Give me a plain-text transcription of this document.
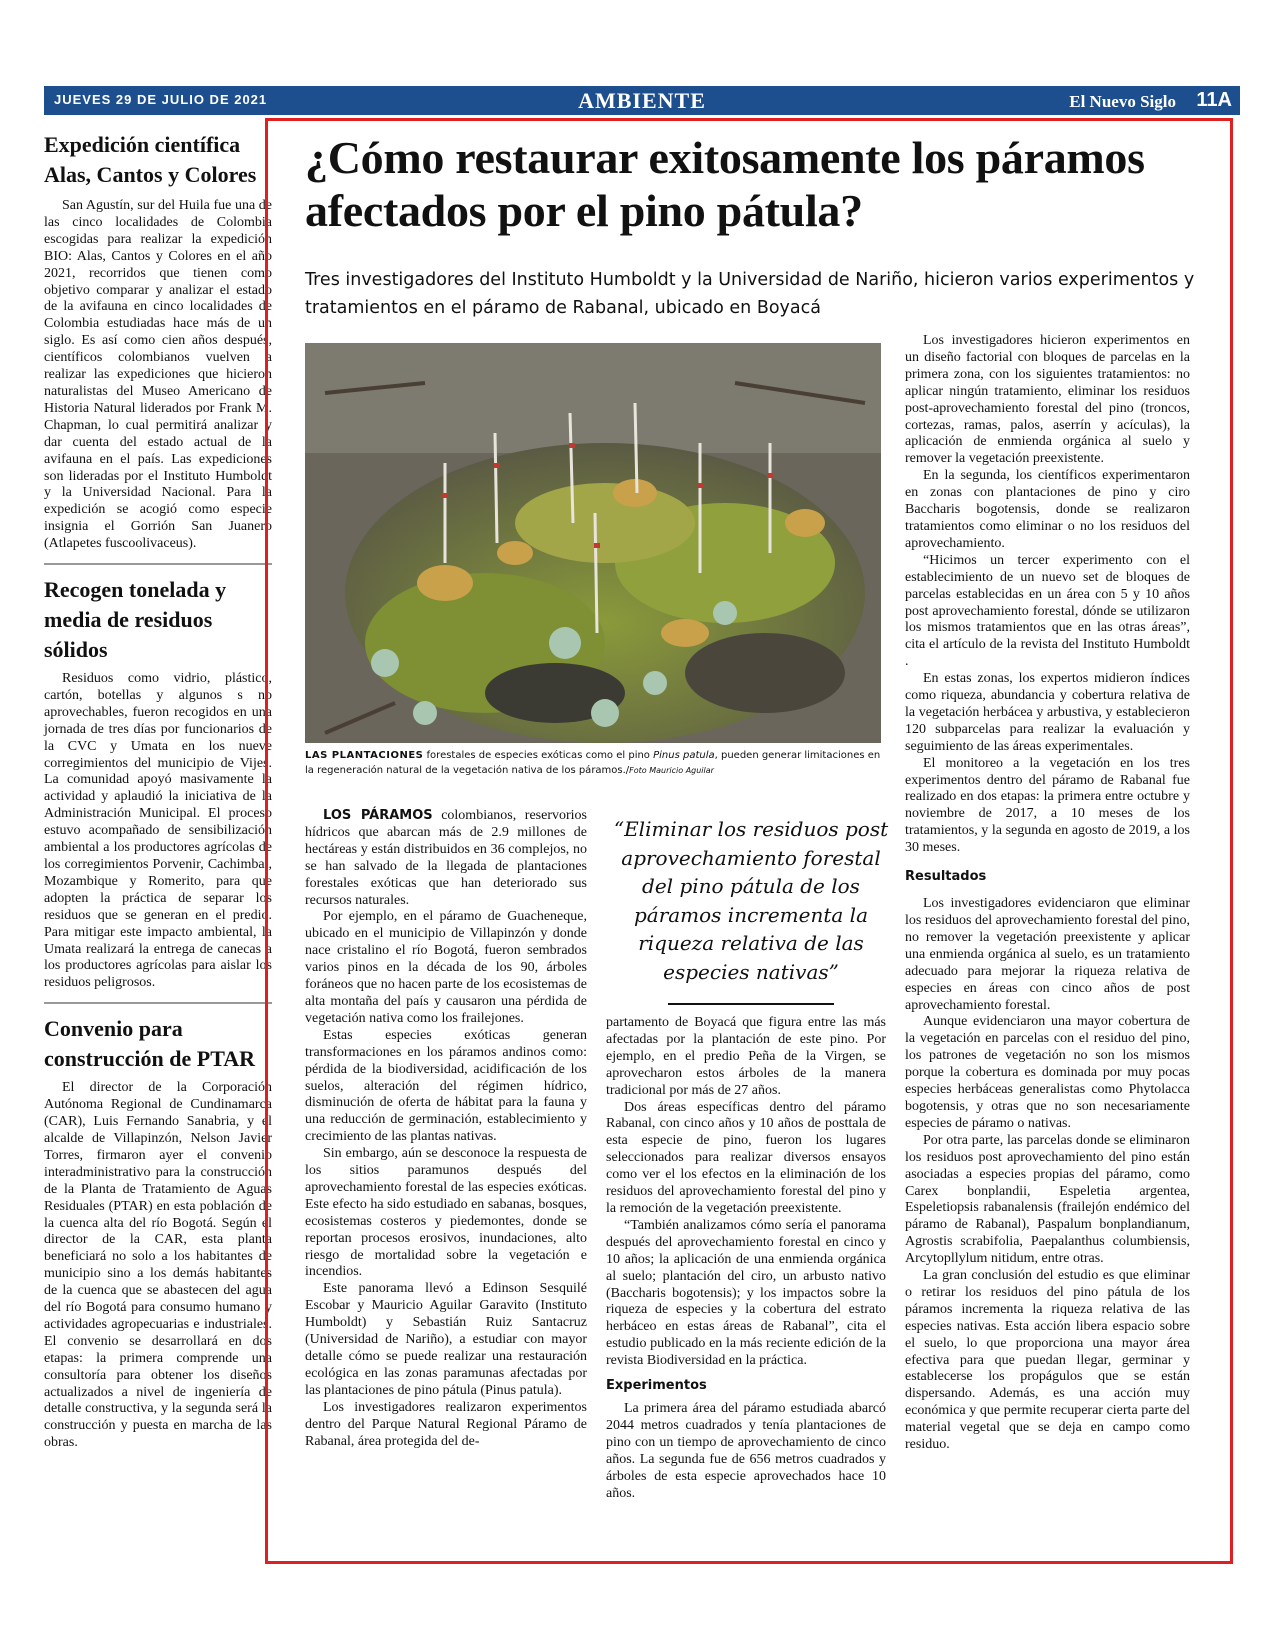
JUEVES 29 DE JULIO DE 2021	AMBIENTE	El Nuevo Siglo 11A
Expedición científica Alas, Cantos y Colores

San Agustín, sur del Huila fue una de las cinco localidades de Colombia escogidas para realizar la expedición BIO: Alas, Cantos y Colores en el año 2021, recorridos que tienen como objetivo comparar y analizar el estado de la avifauna en cinco localidades de Colombia estudiadas hace más de un siglo. Es así como cien años después, científicos colombianos vuelven a realizar las expediciones que hicieron naturalistas del Museo Americano de Historia Natural liderados por Frank M. Chapman, lo cual permitirá analizar y dar cuenta del estado actual de la avifauna en el país. Las expediciones son lideradas por el Instituto Humboldt y la Universidad Nacional. Para la expedición se acogió como especie insignia el Gorrión San Juanero (Atlapetes fuscoolivaceus).

Recogen tonelada y media de residuos sólidos

Residuos como vidrio, plástico, cartón, botellas y algunos s no aprovechables, fueron recogidos en una jornada de tres días por funcionarios de la CVC y Umata en los nueve corregimientos del municipio de Vijes. La comunidad apoyó masivamente la actividad y aplaudió la iniciativa de la Administración Municipal. El proceso estuvo acompañado de sensibilización ambiental a los productores agrícolas de los corregimientos Porvenir, Cachimbal, Mozambique y Romerito, para que adopten la práctica de separar los residuos que se generan en el predio. Para mitigar este impacto ambiental, la Umata realizará la entrega de canecas a los productores agrícolas para aislar los residuos peligrosos.

Convenio para construcción de PTAR

El director de la Corporación Autónoma Regional de Cundinamarca (CAR), Luis Fernando Sanabria, y el alcalde de Villapinzón, Nelson Javier Torres, firmaron ayer el convenio interadministrativo para la construcción de la Planta de Tratamiento de Aguas Residuales (PTAR) en esta población de la cuenca alta del río Bogotá. Según el director de la CAR, esta planta beneficiará no solo a los habitantes de municipio sino a los demás habitantes de la cuenca que se abastecen del agua del río Bogotá para consumo humano y actividades agropecuarias e industriales. El convenio se desarrollará en dos etapas: la primera comprende una consultoría para obtener los diseños actualizados a nivel de ingeniería de detalle constructiva, y la segunda será la construcción y puesta en marcha de las obras.

¿Cómo restaurar exitosamente los páramos afectados por el pino pátula?

Tres investigadores del Instituto Humboldt y la Universidad de Nariño, hicieron varios experimentos y tratamientos en el páramo de Rabanal, ubicado en Boyacá

LAS PLANTACIONES forestales de especies exóticas como el pino Pinus patula, pueden generar limitaciones en la regeneración natural de la vegetación nativa de los páramos./Foto Mauricio Aguilar

LOS PÁRAMOS colombianos, reservorios hídricos que abarcan más de 2.9 millones de hectáreas y están distribuidos en 36 complejos, no se han salvado de la llegada de plantaciones forestales exóticas que han deteriorado sus recursos naturales.

Por ejemplo, en el páramo de Guacheneque, ubicado en el municipio de Villapinzón y donde nace cristalino el río Bogotá, fueron sembrados varios pinos en la década de los 90, árboles foráneos que no hacen parte de los ecosistemas de alta montaña del país y causaron una pérdida de vegetación nativa como los frailejones.

Estas especies exóticas generan transformaciones en los páramos andinos como: pérdida de la biodiversidad, acidificación de los suelos, alteración del régimen hídrico, disminución de oferta de hábitat para la fauna y una reducción de germinación, establecimiento y crecimiento de las plantas nativas.

Sin embargo, aún se desconoce la respuesta de los sitios paramunos después del aprovechamiento forestal de las especies exóticas. Este efecto ha sido estudiado en sabanas, bosques, ecosistemas costeros y piedemontes, donde se reportan procesos erosivos, inundaciones, alto riesgo de mortalidad sobre la vegetación e incendios.

Este panorama llevó a Edinson Sesquilé Escobar y Mauricio Aguilar Garavito (Instituto Humboldt) y Sebastián Ruiz Santacruz (Universidad de Nariño), a estudiar con mayor detalle cómo se puede realizar una restauración ecológica en las zonas paramunas afectadas por las plantaciones de pino pátula (Pinus patula).

Los investigadores realizaron experimentos dentro del Parque Natural Regional Páramo de Rabanal, área protegida del de-

“Eliminar los residuos post aprovechamiento forestal del pino pátula de los páramos incrementa la riqueza relativa de las especies nativas”

partamento de Boyacá que figura entre las más afectadas por la plantación de este pino. Por ejemplo, en el predio Peña de la Virgen, se aprovecharon estos árboles de la manera tradicional por más de 27 años.

Dos áreas específicas dentro del páramo Rabanal, con cinco años y 10 años de posttala de esta especie de pino, fueron los lugares seleccionados para realizar diversos ensayos como ver el los efectos en la eliminación de los residuos del aprovechamiento forestal del pino y la remoción de la vegetación preexistente.

“También analizamos cómo sería el panorama después del aprovechamiento forestal en cinco y 10 años; la aplicación de una enmienda orgánica al suelo; plantación del ciro, un arbusto nativo (Baccharis bogotensis); y los impactos sobre la riqueza de especies y la cobertura del estrato herbáceo en estas áreas de Rabanal”, cita el estudio publicado en la más reciente edición de la revista Biodiversidad en la práctica.

Experimentos

La primera área del páramo estudiada abarcó 2044 metros cuadrados y tenía plantaciones de pino con un tiempo de aprovechamiento de cinco años. La segunda fue de 656 metros cuadrados y árboles de esta especie aprovechados hace 10 años.

Los investigadores hicieron experimentos en un diseño factorial con bloques de parcelas en la primera zona, con los siguientes tratamientos: no aplicar ningún tratamiento, eliminar los residuos post-aprovechamiento forestal del pino (troncos, cortezas, ramas, palos, aserrín y acículas), la aplicación de enmienda orgánica al suelo y remover la vegetación preexistente.

En la segunda, los científicos experimentaron en zonas con plantaciones de pino y ciro Baccharis bogotensis, donde se realizaron tratamientos como eliminar o no los residuos del aprovechamiento.

“Hicimos un tercer experimento con el establecimiento de un nuevo set de bloques de parcelas establecidas en un área con 5 y 10 años post aprovechamiento forestal, dónde se utilizaron los mismos tratamientos que en las otras áreas”, cita el artículo de la revista del Instituto Humboldt .

En estas zonas, los expertos midieron índices como riqueza, abundancia y cobertura relativa de la vegetación herbácea y arbustiva, y establecieron 120 subparcelas para realizar la evaluación y seguimiento de las áreas experimentales.

El monitoreo a la vegetación en los tres experimentos dentro del páramo de Rabanal fue realizado en dos etapas: la primera entre octubre y noviembre de 2017, a 10 meses de los tratamientos, y la segunda en agosto de 2019, a los 30 meses.

Resultados

Los investigadores evidenciaron que eliminar los residuos del aprovechamiento forestal del pino, no remover la vegetación preexistente y aplicar una enmienda orgánica al suelo, es un tratamiento adecuado para mejorar la riqueza relativa de especies en áreas con cinco años de post aprovechamiento forestal.

Aunque evidenciaron una mayor cobertura de la vegetación en parcelas con el residuo del pino, los patrones de vegetación no son los mismos porque la cobertura es dominada por muy pocas especies herbáceas generalistas como Phytolacca bogotensis, y otras que no son necesariamente especies de páramo o nativas.

Por otra parte, las parcelas donde se eliminaron los residuos post aprovechamiento del pino están asociadas a especies propias del páramo, como Carex bonplandii, Espeletia argentea, Espeletiopsis rabanalensis (frailejón endémico del páramo de Rabanal), Paspalum bonplandianum, Agrostis scrabifolia, Paepalanthus columbiensis, Arcytopllylum nitidum, entre otras.

La gran conclusión del estudio es que eliminar o retirar los residuos del pino pátula de los páramos incrementa la riqueza relativa de las especies nativas. Esta acción libera espacio sobre el suelo, lo que proporciona una mayor área efectiva para que puedan llegar, germinar y establecerse los propágulos que se están dispersando. Además, es una acción muy económica y que permite recuperar cierta parte del material vegetal que se deja en campo como residuo.
